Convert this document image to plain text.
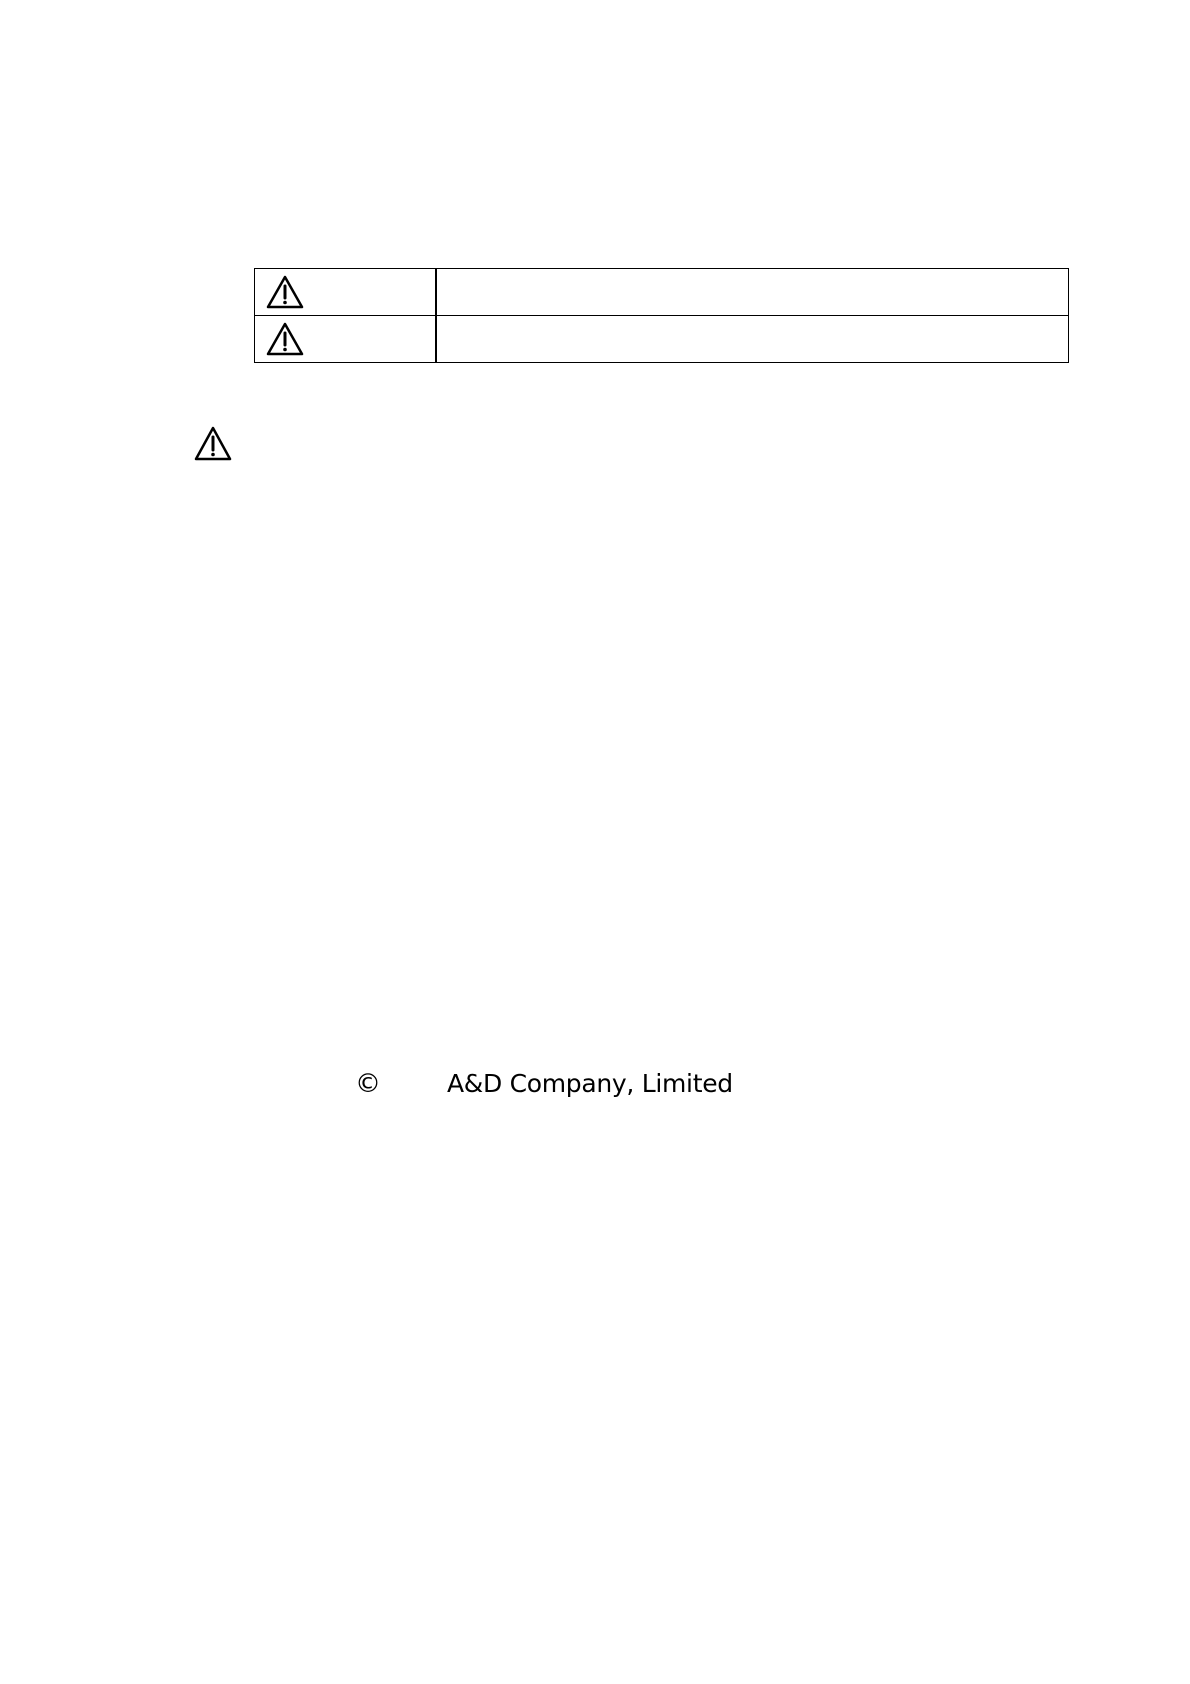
©	A&D Company, Limited
